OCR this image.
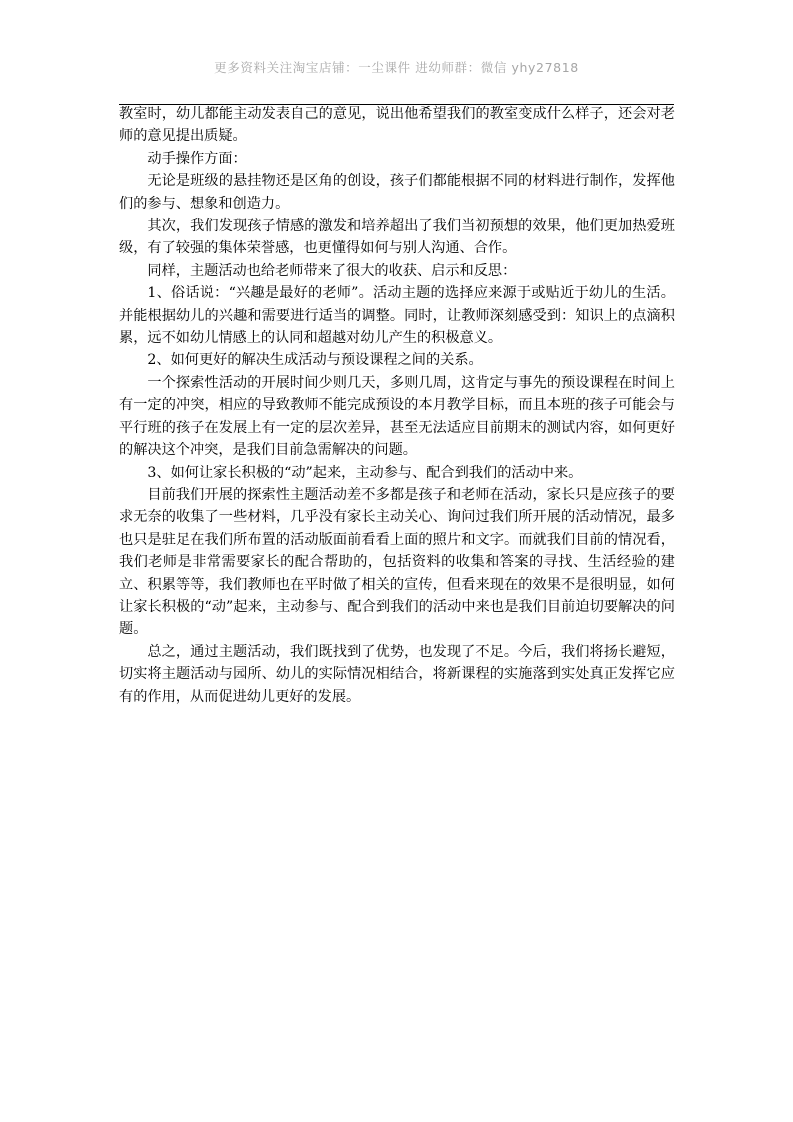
更多资料关注淘宝店铺：一尘课件 进幼师群：微信 yhy27818

教室时，幼儿都能主动发表自己的意见，说出他希望我们的教室变成什么样子，还会对老师的意见提出质疑。

动手操作方面：

无论是班级的悬挂物还是区角的创设，孩子们都能根据不同的材料进行制作，发挥他们的参与、想象和创造力。

其次，我们发现孩子情感的激发和培养超出了我们当初预想的效果，他们更加热爱班级，有了较强的集体荣誉感，也更懂得如何与别人沟通、合作。

同样，主题活动也给老师带来了很大的收获、启示和反思：

1、俗话说：“兴趣是最好的老师”。活动主题的选择应来源于或贴近于幼儿的生活。并能根据幼儿的兴趣和需要进行适当的调整。同时，让教师深刻感受到：知识上的点滴积累，远不如幼儿情感上的认同和超越对幼儿产生的积极意义。

2、如何更好的解决生成活动与预设课程之间的关系。

一个探索性活动的开展时间少则几天，多则几周，这肯定与事先的预设课程在时间上有一定的冲突，相应的导致教师不能完成预设的本月教学目标，而且本班的孩子可能会与平行班的孩子在发展上有一定的层次差异，甚至无法适应目前期末的测试内容，如何更好的解决这个冲突，是我们目前急需解决的问题。

3、如何让家长积极的“动”起来，主动参与、配合到我们的活动中来。

目前我们开展的探索性主题活动差不多都是孩子和老师在活动，家长只是应孩子的要求无奈的收集了一些材料，几乎没有家长主动关心、询问过我们所开展的活动情况，最多也只是驻足在我们所布置的活动版面前看看上面的照片和文字。而就我们目前的情况看，我们老师是非常需要家长的配合帮助的，包括资料的收集和答案的寻找、生活经验的建立、积累等等，我们教师也在平时做了相关的宣传，但看来现在的效果不是很明显，如何让家长积极的“动”起来，主动参与、配合到我们的活动中来也是我们目前迫切要解决的问题。

总之，通过主题活动，我们既找到了优势，也发现了不足。今后，我们将扬长避短，切实将主题活动与园所、幼儿的实际情况相结合，将新课程的实施落到实处真正发挥它应有的作用，从而促进幼儿更好的发展。
